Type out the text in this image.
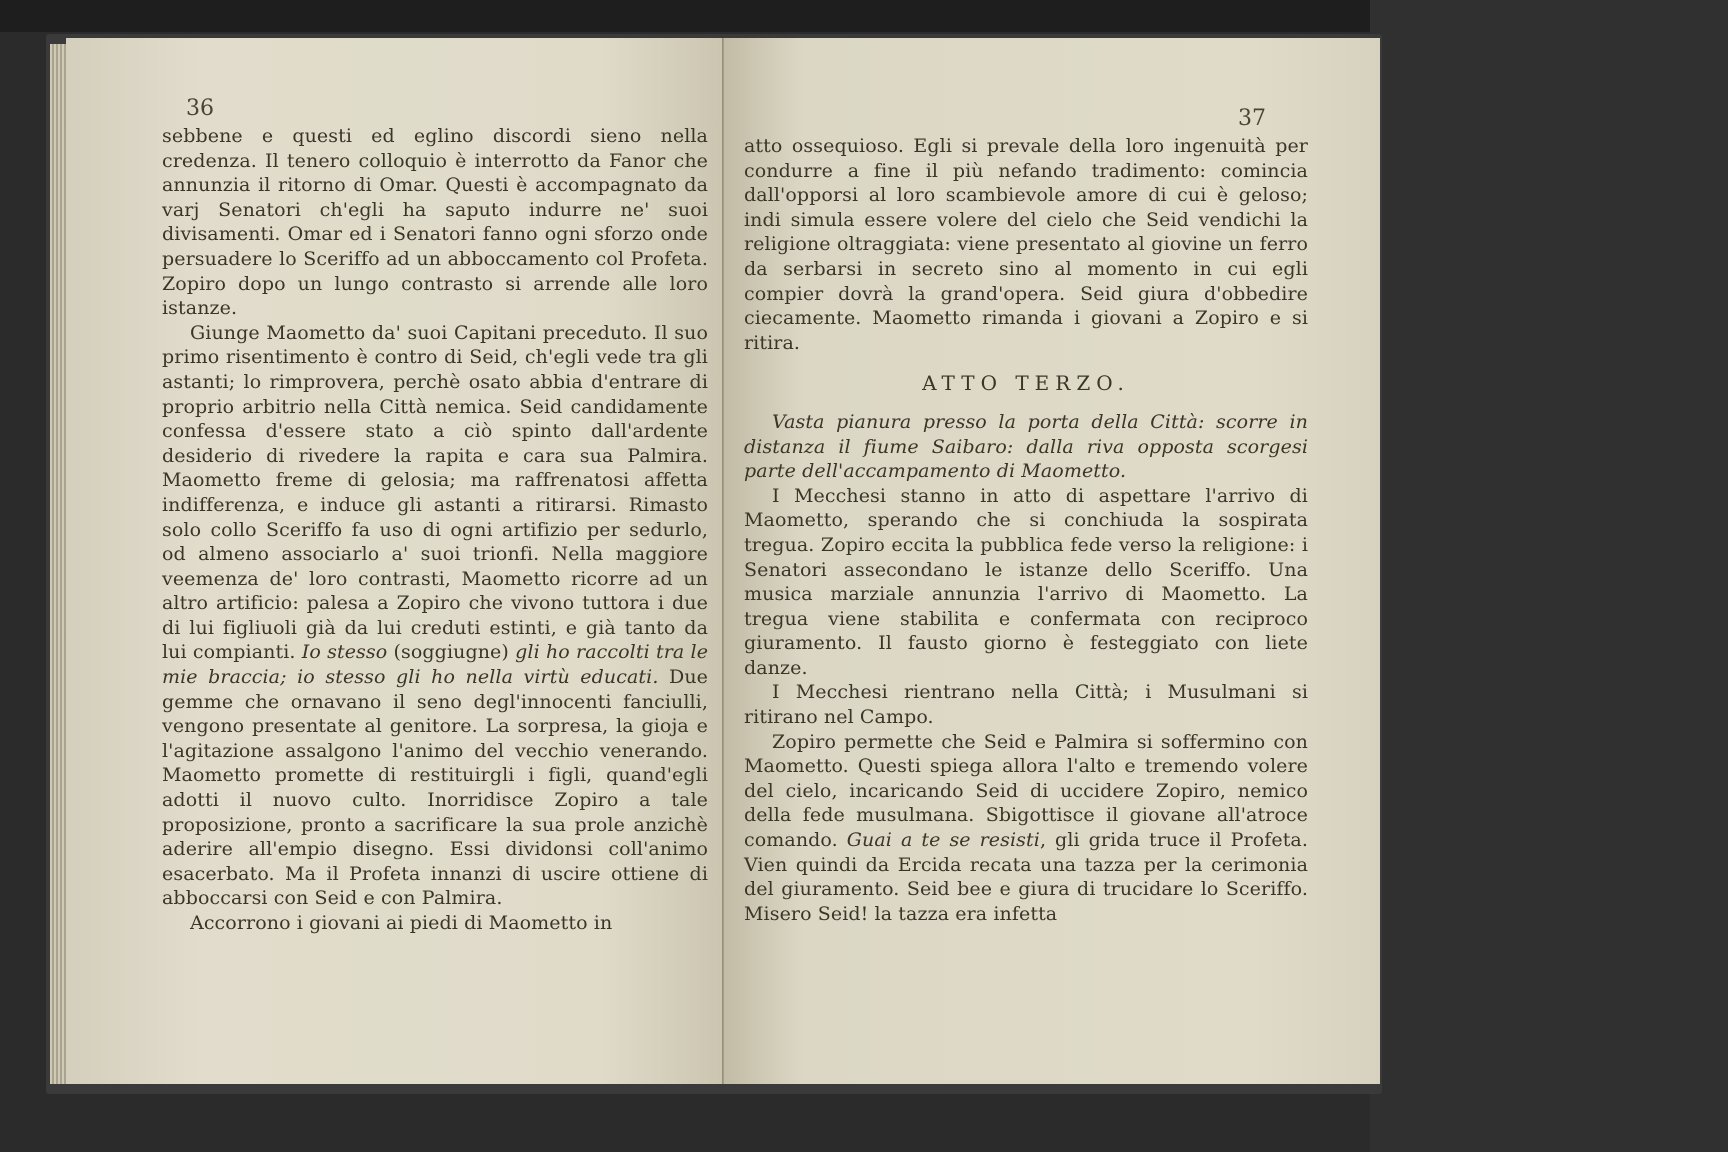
36

sebbene e questi ed eglino discordi sieno nella credenza. Il tenero colloquio è interrotto da Fanor che annunzia il ritorno di Omar. Questi è accompagnato da varj Senatori ch'egli ha saputo indurre ne' suoi divisamenti. Omar ed i Senatori fanno ogni sforzo onde persuadere lo Sceriffo ad un abboccamento col Profeta. Zopiro dopo un lungo contrasto si arrende alle loro istanze.

Giunge Maometto da' suoi Capitani preceduto. Il suo primo risentimento è contro di Seid, ch'egli vede tra gli astanti; lo rimprovera, perchè osato abbia d'entrare di proprio arbitrio nella Città nemica. Seid candidamente confessa d'essere stato a ciò spinto dall'ardente desiderio di rivedere la rapita e cara sua Palmira. Maometto freme di gelosia; ma raffrenatosi affetta indifferenza, e induce gli astanti a ritirarsi. Rimasto solo collo Sceriffo fa uso di ogni artifizio per sedurlo, od almeno associarlo a' suoi trionfi. Nella maggiore veemenza de' loro contrasti, Maometto ricorre ad un altro artificio: palesa a Zopiro che vivono tuttora i due di lui figliuoli già da lui creduti estinti, e già tanto da lui compianti. Io stesso (soggiugne) gli ho raccolti tra le mie braccia; io stesso gli ho nella virtù educati. Due gemme che ornavano il seno degl'innocenti fanciulli, vengono presentate al genitore. La sorpresa, la gioja e l'agitazione assalgono l'animo del vecchio venerando. Maometto promette di restituirgli i figli, quand'egli adotti il nuovo culto. Inorridisce Zopiro a tale proposizione, pronto a sacrificare la sua prole anzichè aderire all'empio disegno. Essi dividonsi coll'animo esacerbato. Ma il Profeta innanzi di uscire ottiene di abboccarsi con Seid e con Palmira.

Accorrono i giovani ai piedi di Maometto in

37

atto ossequioso. Egli si prevale della loro ingenuità per condurre a fine il più nefando tradimento: comincia dall'opporsi al loro scambievole amore di cui è geloso; indi simula essere volere del cielo che Seid vendichi la religione oltraggiata: viene presentato al giovine un ferro da serbarsi in secreto sino al momento in cui egli compier dovrà la grand'opera. Seid giura d'obbedire ciecamente. Maometto rimanda i giovani a Zopiro e si ritira.

ATTO TERZO.

Vasta pianura presso la porta della Città: scorre in distanza il fiume Saibaro: dalla riva opposta scorgesi parte dell'accampamento di Maometto.

I Mecchesi stanno in atto di aspettare l'arrivo di Maometto, sperando che si conchiuda la sospirata tregua. Zopiro eccita la pubblica fede verso la religione: i Senatori assecondano le istanze dello Sceriffo. Una musica marziale annunzia l'arrivo di Maometto. La tregua viene stabilita e confermata con reciproco giuramento. Il fausto giorno è festeggiato con liete danze.

I Mecchesi rientrano nella Città; i Musulmani si ritirano nel Campo.

Zopiro permette che Seid e Palmira si soffermino con Maometto. Questi spiega allora l'alto e tremendo volere del cielo, incaricando Seid di uccidere Zopiro, nemico della fede musulmana. Sbigottisce il giovane all'atroce comando. Guai a te se resisti, gli grida truce il Profeta. Vien quindi da Ercida recata una tazza per la cerimonia del giuramento. Seid bee e giura di trucidare lo Sceriffo. Misero Seid! la tazza era infetta
